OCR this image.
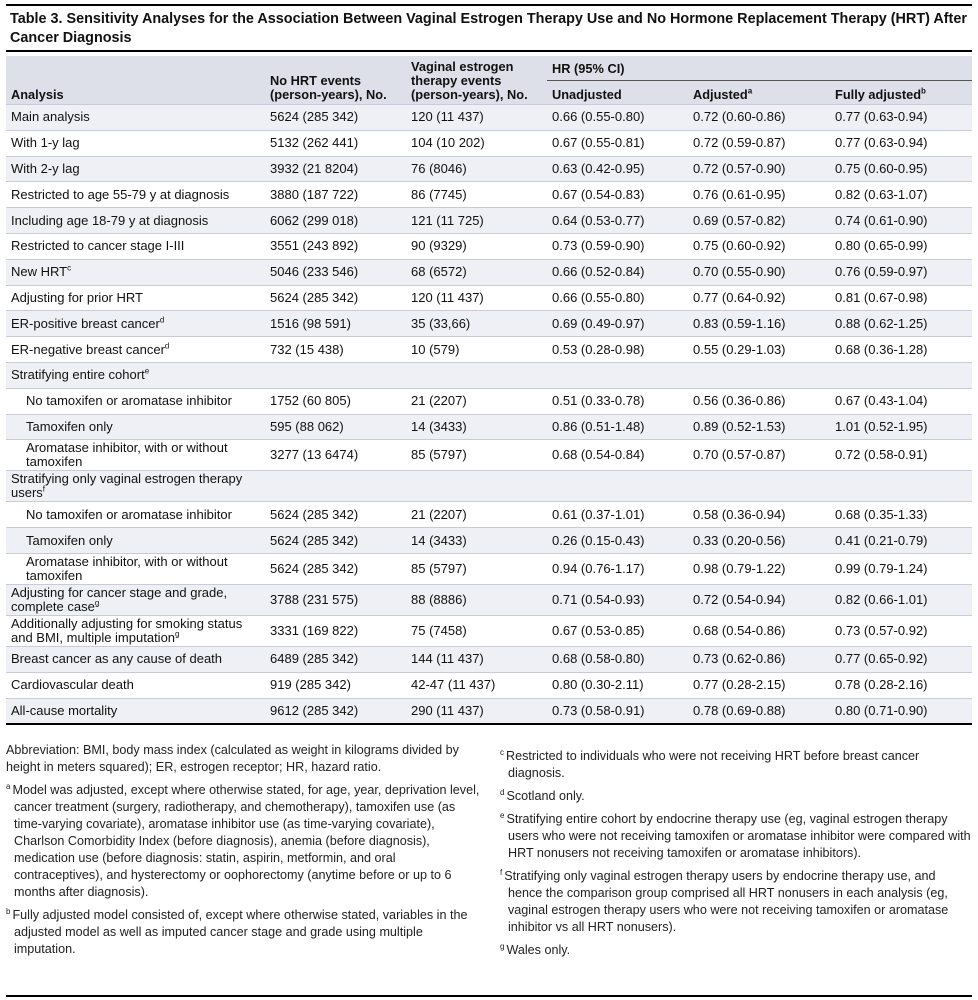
Table 3. Sensitivity Analyses for the Association Between Vaginal Estrogen Therapy Use and No Hormone Replacement Therapy (HRT) After Cancer Diagnosis
Analysis	No HRT events (person-years), No.	Vaginal estrogen therapy events (person-years), No.	HR (95% CI)		
			Unadjusted	Adjusted$^a$	Fully adjusted$^b$
Main analysis	5624 (285 342)	120 (11 437)	0.66 (0.55-0.80)	0.72 (0.60-0.86)	0.77 (0.63-0.94)
With 1-y lag	5132 (262 441)	104 (10 202)	0.67 (0.55-0.81)	0.72 (0.59-0.87)	0.77 (0.63-0.94)
With 2-y lag	3932 (21 8204)	76 (8046)	0.63 (0.42-0.95)	0.72 (0.57-0.90)	0.75 (0.60-0.95)
Restricted to age 55-79 y at diagnosis	3880 (187 722)	86 (7745)	0.67 (0.54-0.83)	0.76 (0.61-0.95)	0.82 (0.63-1.07)
Including age 18-79 y at diagnosis	6062 (299 018)	121 (11 725)	0.64 (0.53-0.77)	0.69 (0.57-0.82)	0.74 (0.61-0.90)
Restricted to cancer stage I-III	3551 (243 892)	90 (9329)	0.73 (0.59-0.90)	0.75 (0.60-0.92)	0.80 (0.65-0.99)
New HRT$^c$	5046 (233 546)	68 (6572)	0.66 (0.52-0.84)	0.70 (0.55-0.90)	0.76 (0.59-0.97)
Adjusting for prior HRT	5624 (285 342)	120 (11 437)	0.66 (0.55-0.80)	0.77 (0.64-0.92)	0.81 (0.67-0.98)
ER-positive breast cancer$^d$	1516 (98 591)	35 (33,66)	0.69 (0.49-0.97)	0.83 (0.59-1.16)	0.88 (0.62-1.25)
ER-negative breast cancer$^d$	732 (15 438)	10 (579)	0.53 (0.28-0.98)	0.55 (0.29-1.03)	0.68 (0.36-1.28)
Stratifying entire cohort$^e$					
No tamoxifen or aromatase inhibitor	1752 (60 805)	21 (2207)	0.51 (0.33-0.78)	0.56 (0.36-0.86)	0.67 (0.43-1.04)
Tamoxifen only	595 (88 062)	14 (3433)	0.86 (0.51-1.48)	0.89 (0.52-1.53)	1.01 (0.52-1.95)
Aromatase inhibitor, with or without tamoxifen	3277 (13 6474)	85 (5797)	0.68 (0.54-0.84)	0.70 (0.57-0.87)	0.72 (0.58-0.91)
Stratifying only vaginal estrogen therapy users$^f$					
No tamoxifen or aromatase inhibitor	5624 (285 342)	21 (2207)	0.61 (0.37-1.01)	0.58 (0.36-0.94)	0.68 (0.35-1.33)
Tamoxifen only	5624 (285 342)	14 (3433)	0.26 (0.15-0.43)	0.33 (0.20-0.56)	0.41 (0.21-0.79)
Aromatase inhibitor, with or without tamoxifen	5624 (285 342)	85 (5797)	0.94 (0.76-1.17)	0.98 (0.79-1.22)	0.99 (0.79-1.24)
Adjusting for cancer stage and grade, complete case$^g$	3788 (231 575)	88 (8886)	0.71 (0.54-0.93)	0.72 (0.54-0.94)	0.82 (0.66-1.01)
Additionally adjusting for smoking status and BMI, multiple imputation$^g$	3331 (169 822)	75 (7458)	0.67 (0.53-0.85)	0.68 (0.54-0.86)	0.73 (0.57-0.92)
Breast cancer as any cause of death	6489 (285 342)	144 (11 437)	0.68 (0.58-0.80)	0.73 (0.62-0.86)	0.77 (0.65-0.92)
Cardiovascular death	919 (285 342)	42-47 (11 437)	0.80 (0.30-2.11)	0.77 (0.28-2.15)	0.78 (0.28-2.16)
All-cause mortality	9612 (285 342)	290 (11 437)	0.73 (0.58-0.91)	0.78 (0.69-0.88)	0.80 (0.71-0.90)

Abbreviation: BMI, body mass index (calculated as weight in kilograms divided by height in meters squared); ER, estrogen receptor; HR, hazard ratio.

$^a$ Model was adjusted, except where otherwise stated, for age, year, deprivation level, cancer treatment (surgery, radiotherapy, and chemotherapy), tamoxifen use (as time-varying covariate), aromatase inhibitor use (as time-varying covariate), Charlson Comorbidity Index (before diagnosis), anemia (before diagnosis), medication use (before diagnosis: statin, aspirin, metformin, and oral contraceptives), and hysterectomy or oophorectomy (anytime before or up to 6 months after diagnosis).

$^b$ Fully adjusted model consisted of, except where otherwise stated, variables in the adjusted model as well as imputed cancer stage and grade using multiple imputation.

$^c$ Restricted to individuals who were not receiving HRT before breast cancer diagnosis.

$^d$ Scotland only.

$^e$ Stratifying entire cohort by endocrine therapy use (eg, vaginal estrogen therapy users who were not receiving tamoxifen or aromatase inhibitor were compared with HRT nonusers not receiving tamoxifen or aromatase inhibitors).

$^f$ Stratifying only vaginal estrogen therapy users by endocrine therapy use, and hence the comparison group comprised all HRT nonusers in each analysis (eg, vaginal estrogen therapy users who were not receiving tamoxifen or aromatase inhibitor vs all HRT nonusers).

$^g$ Wales only.
